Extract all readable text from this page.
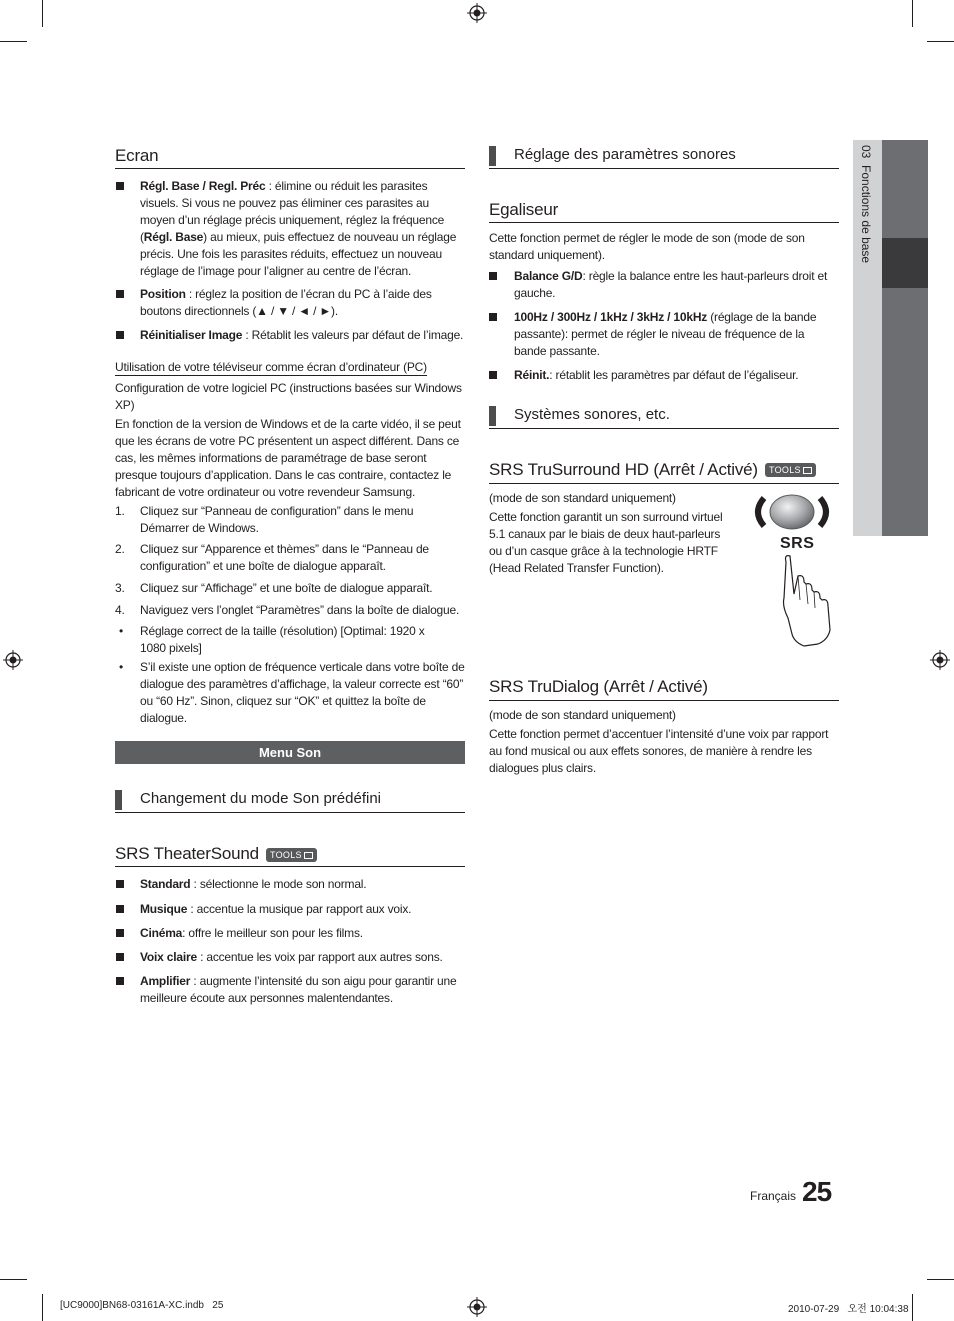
03  Fonctions de base
Ecran
Régl. Base / Regl. Préc : élimine ou réduit les parasites visuels. Si vous ne pouvez pas éliminer ces parasites au moyen d’un réglage précis uniquement, réglez la fréquence (Régl. Base) au mieux, puis effectuez de nouveau un réglage précis. Une fois les parasites réduits, effectuez un nouveau réglage de l’image pour l’aligner au centre de l’écran.
Position : réglez la position de l’écran du PC à l’aide des boutons directionnels (▲ / ▼ / ◄ / ►).
Réinitialiser Image : Rétablit les valeurs par défaut de l’image.
Utilisation de votre téléviseur comme écran d’ordinateur (PC)
Configuration de votre logiciel PC (instructions basées sur Windows XP)
En fonction de la version de Windows et de la carte vidéo, il se peut que les écrans de votre PC présentent un aspect différent. Dans ce cas, les mêmes informations de paramétrage de base seront presque toujours d’application. Dans le cas contraire, contactez le fabricant de votre ordinateur ou votre revendeur Samsung.
1. Cliquez sur “Panneau de configuration” dans le menu Démarrer de Windows.
2. Cliquez sur “Apparence et thèmes” dans le “Panneau de configuration” et une boîte de dialogue apparaît.
3. Cliquez sur “Affichage” et une boîte de dialogue apparaît.
4. Naviguez vers l’onglet “Paramètres” dans la boîte de dialogue.
• Réglage correct de la taille (résolution) [Optimal: 1920 x 1080 pixels]
• S’il existe une option de fréquence verticale dans votre boîte de dialogue des paramètres d’affichage, la valeur correcte est “60” ou “60 Hz”. Sinon, cliquez sur “OK” et quittez la boîte de dialogue.
Menu Son
Changement du mode Son prédéfini
SRS TheaterSound	TOOLS
Standard : sélectionne le mode son normal.
Musique : accentue la musique par rapport aux voix.
Cinéma: offre le meilleur son pour les films.
Voix claire : accentue les voix par rapport aux autres sons.
Amplifier : augmente l’intensité du son aigu pour garantir une meilleure écoute aux personnes malentendantes.
Réglage des paramètres sonores
Egaliseur
Cette fonction permet de régler le mode de son (mode de son standard uniquement).
Balance G/D: règle la balance entre les haut-parleurs droit et gauche.
100Hz / 300Hz / 1kHz / 3kHz / 10kHz (réglage de la bande passante): permet de régler le niveau de fréquence de la bande passante.
Réinit.: rétablit les paramètres par défaut de l’égaliseur.
Systèmes sonores, etc.
SRS TruSurround HD (Arrêt / Activé)	TOOLS
(mode de son standard uniquement)
Cette fonction garantit un son surround virtuel 5.1 canaux par le biais de deux haut-parleurs ou d’un casque grâce à la technologie HRTF (Head Related Transfer Function).
SRS
SRS TruDialog (Arrêt / Activé)
(mode de son standard uniquement)
Cette fonction permet d’accentuer l’intensité d’une voix par rapport au fond musical ou aux effets sonores, de manière à rendre les dialogues plus clairs.
Français 25
[UC9000]BN68-03161A-XC.indb   25	2010-07-29   오전 10:04:38
